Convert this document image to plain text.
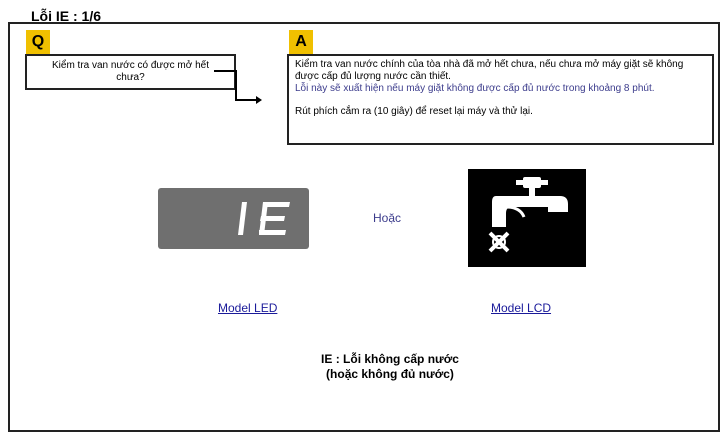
Lỗi IE : 1/6
Q
Kiểm tra van nước có được mở hết chưa?
A
Kiểm tra van nước chính của tòa nhà đã mở hết chưa, nếu chưa mở máy giặt sẽ không được cấp đủ lượng nước cần thiết.
Lỗi này sẽ xuất hiện nếu máy giặt không được cấp đủ nước trong khoảng 8 phút.
Rút phích cắm ra (10 giây) để reset lại máy và thử lại.
Hoặc
Model LED	Model LCD
IE : Lỗi không cấp nước
(hoặc không đủ nước)
